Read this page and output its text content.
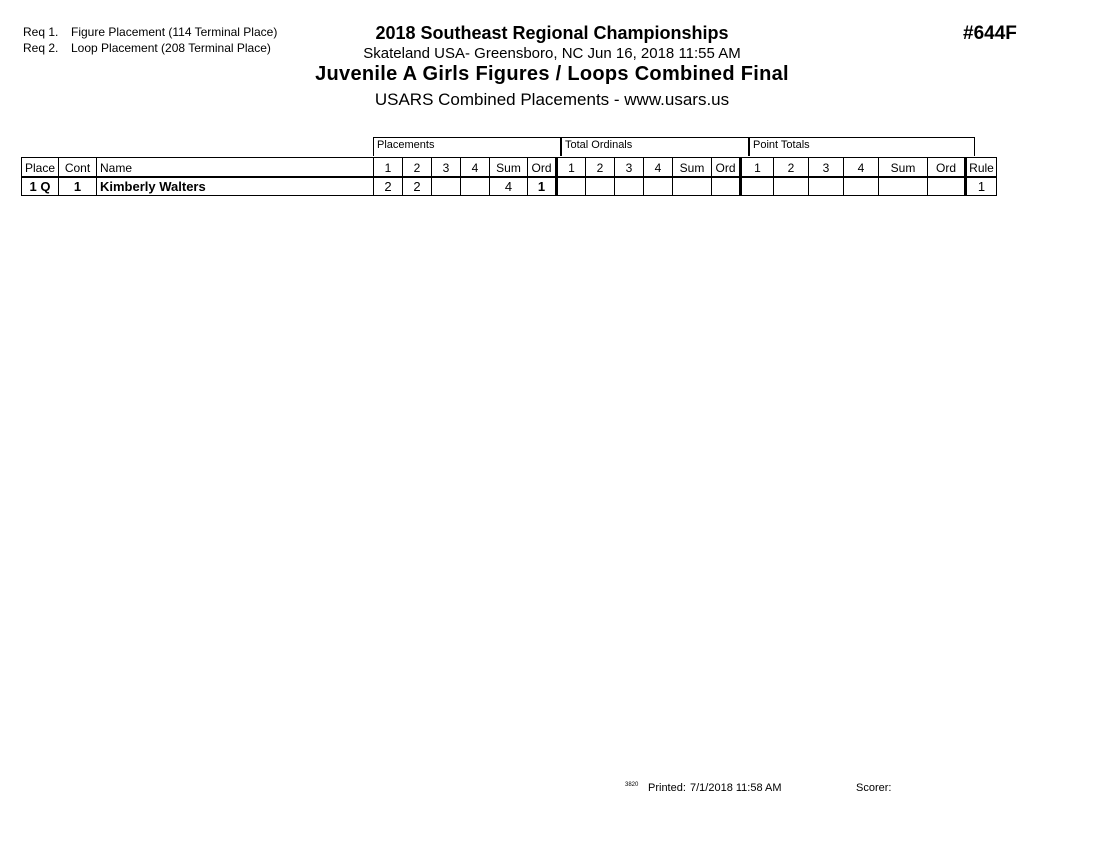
Req 1. Figure Placement (114 Terminal Place)
Req 2. Loop Placement (208 Terminal Place)
2018 Southeast Regional Championships
Skateland USA- Greensboro, NC Jun 16, 2018 11:55 AM
Juvenile A Girls Figures / Loops Combined Final
USARS Combined Placements - www.usars.us
#644F
Placements	Total Ordinals	Point Totals
Place	Cont	Name	1	2	3	4	Sum	Ord	1	2	3	4	Sum	Ord	1	2	3	4	Sum	Ord	Rule
1 Q	1	Kimberly Walters	2	2			4	1													1
3820 Printed: 7/1/2018 11:58 AM	Scorer:
